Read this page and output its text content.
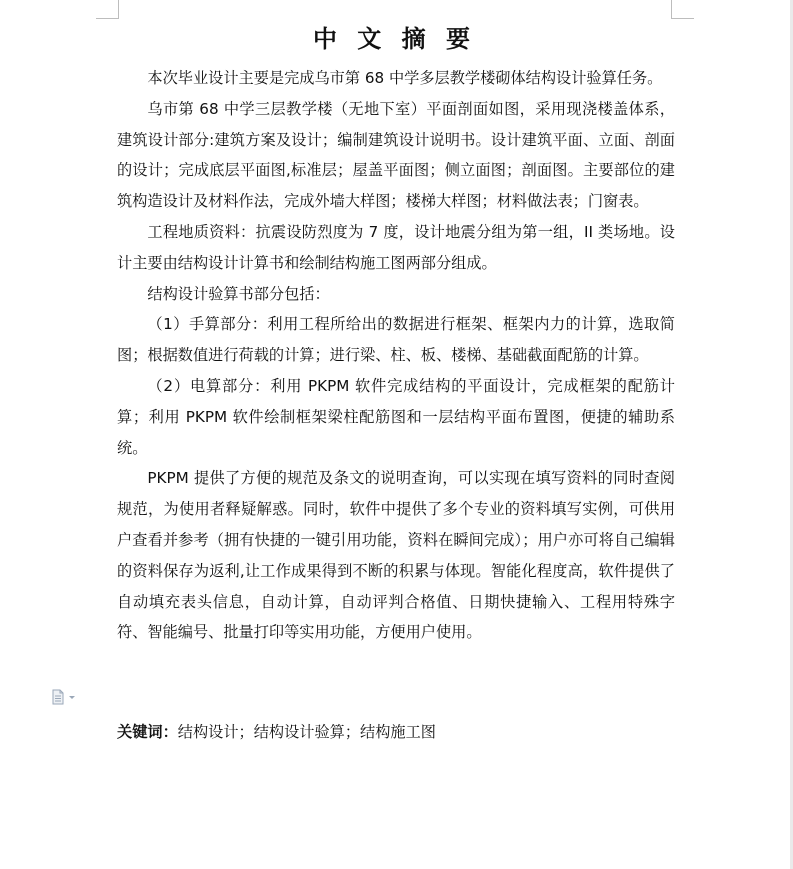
中 文 摘 要

本次毕业设计主要是完成乌市第 68 中学多层教学楼砌体结构设计验算任务。

乌市第 68 中学三层教学楼（无地下室）平面剖面如图，采用现浇楼盖体系，建筑设计部分:建筑方案及设计；编制建筑设计说明书。设计建筑平面、立面、剖面的设计；完成底层平面图,标准层；屋盖平面图；侧立面图；剖面图。主要部位的建筑构造设计及材料作法，完成外墙大样图；楼梯大样图；材料做法表；门窗表。

工程地质资料：抗震设防烈度为 7 度，设计地震分组为第一组，II 类场地。设计主要由结构设计计算书和绘制结构施工图两部分组成。

结构设计验算书部分包括：

（1）手算部分：利用工程所给出的数据进行框架、框架内力的计算，选取简图；根据数值进行荷载的计算；进行梁、柱、板、楼梯、基础截面配筋的计算。

（2）电算部分：利用 PKPM 软件完成结构的平面设计，完成框架的配筋计算；利用 PKPM 软件绘制框架梁柱配筋图和一层结构平面布置图，便捷的辅助系统。

PKPM 提供了方便的规范及条文的说明查询，可以实现在填写资料的同时查阅规范，为使用者释疑解惑。同时，软件中提供了多个专业的资料填写实例，可供用户查看并参考（拥有快捷的一键引用功能，资料在瞬间完成）；用户亦可将自己编辑的资料保存为返利,让工作成果得到不断的积累与体现。智能化程度高，软件提供了自动填充表头信息，自动计算，自动评判合格值、日期快捷输入、工程用特殊字符、智能编号、批量打印等实用功能，方便用户使用。

关键词：结构设计；结构设计验算；结构施工图
